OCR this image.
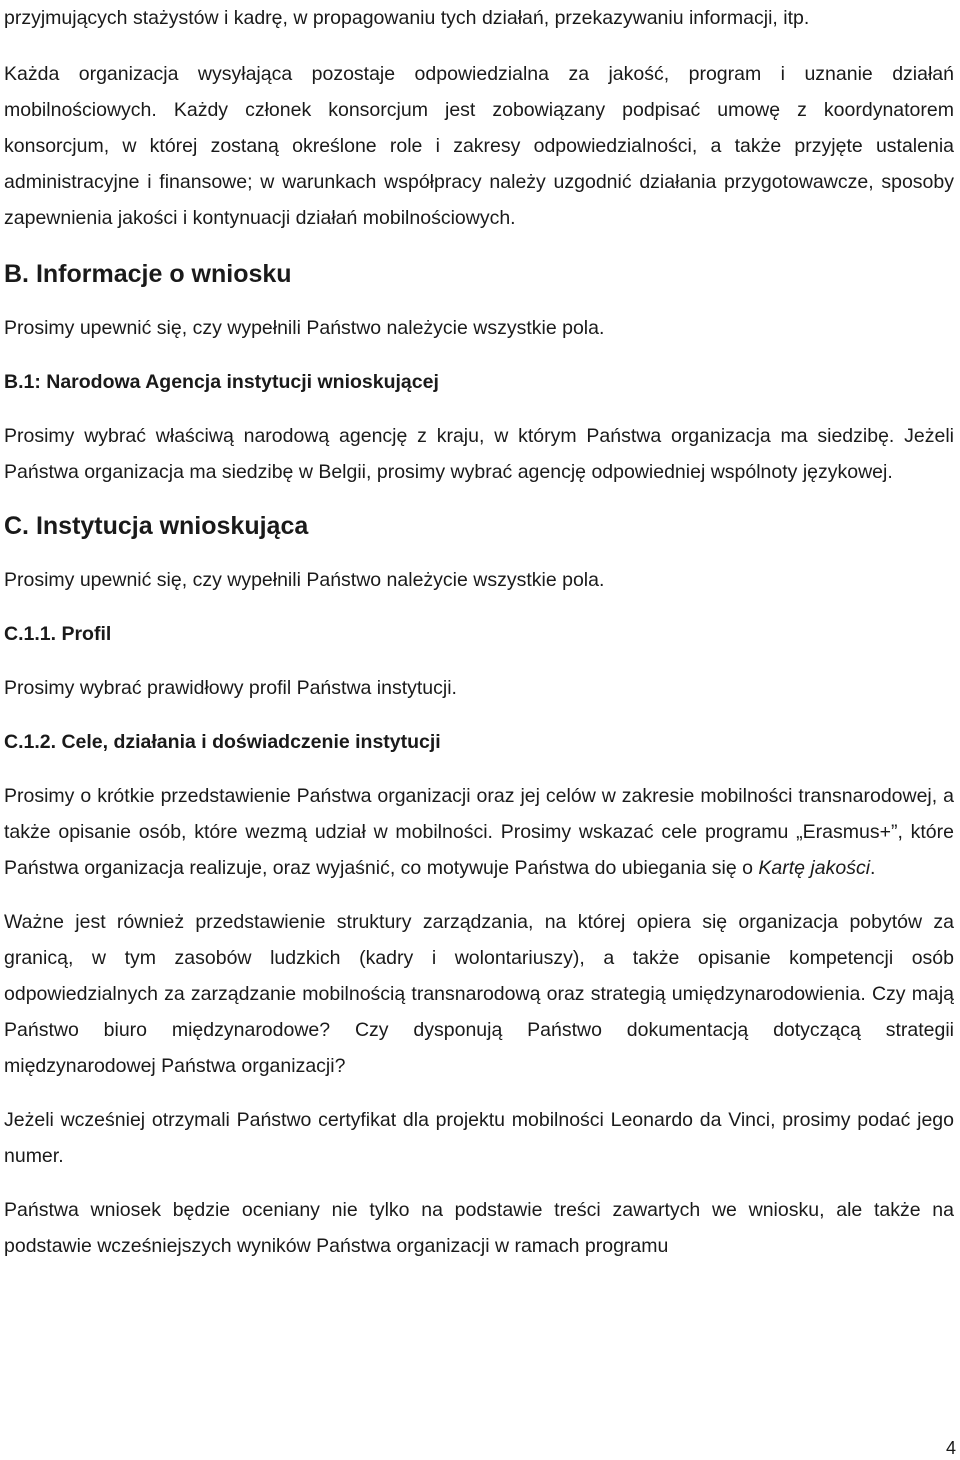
przyjmujących stażystów i kadrę, w propagowaniu tych działań, przekazywaniu informacji, itp.

Każda organizacja wysyłająca pozostaje odpowiedzialna za jakość, program i uznanie działań mobilnościowych. Każdy członek konsorcjum jest zobowiązany podpisać umowę z koordynatorem konsorcjum, w której zostaną określone role i zakresy odpowiedzialności, a także przyjęte ustalenia administracyjne i finansowe; w warunkach współpracy należy uzgodnić działania przygotowawcze, sposoby zapewnienia jakości i kontynuacji działań mobilnościowych.

B. Informacje o wniosku

Prosimy upewnić się, czy wypełnili Państwo należycie wszystkie pola.

B.1: Narodowa Agencja instytucji wnioskującej

Prosimy wybrać właściwą narodową agencję z kraju, w którym Państwa organizacja ma siedzibę. Jeżeli Państwa organizacja ma siedzibę w Belgii, prosimy wybrać agencję odpowiedniej wspólnoty językowej.

C. Instytucja wnioskująca

Prosimy upewnić się, czy wypełnili Państwo należycie wszystkie pola.

C.1.1. Profil

Prosimy wybrać prawidłowy profil Państwa instytucji.

C.1.2. Cele, działania i doświadczenie instytucji

Prosimy o krótkie przedstawienie Państwa organizacji oraz jej celów w zakresie mobilności transnarodowej, a także opisanie osób, które wezmą udział w mobilności. Prosimy wskazać cele programu „Erasmus+”, które Państwa organizacja realizuje, oraz wyjaśnić, co motywuje Państwa do ubiegania się o Kartę jakości.

Ważne jest również przedstawienie struktury zarządzania, na której opiera się organizacja pobytów za granicą, w tym zasobów ludzkich (kadry i wolontariuszy), a także opisanie kompetencji osób odpowiedzialnych za zarządzanie mobilnością transnarodową oraz strategią umiędzynarodowienia. Czy mają Państwo biuro międzynarodowe? Czy dysponują Państwo dokumentacją dotyczącą strategii międzynarodowej Państwa organizacji?

Jeżeli wcześniej otrzymali Państwo certyfikat dla projektu mobilności Leonardo da Vinci, prosimy podać jego numer.

Państwa wniosek będzie oceniany nie tylko na podstawie treści zawartych we wniosku, ale także na podstawie wcześniejszych wyników Państwa organizacji w ramach programu

4
